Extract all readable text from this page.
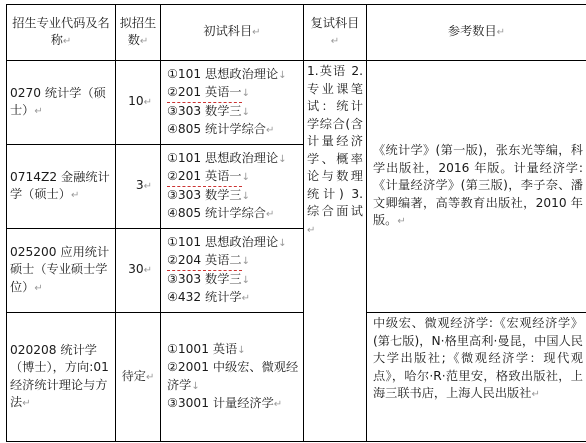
招生专业代码及名称↵	拟招生数↵	初试科目↵	复试科目↵	参考数目↵
0270 统计学（硕士）↵	10↵	①101 思想政治理论↓
②201 英语一↓
③303 数学三↓
④805 统计学综合↵	1.英语 2. 专业课笔试：统计学综合(含计量经济学、概率论与数理统计) 3. 综合面试↵	《统计学》(第一版)，张东光等编，科学出版社，2016 年版。计量经济学:《计量经济学》(第三版)，李子奈、潘文卿编著，高等教育出版社，2010 年版。↵
0714Z2 金融统计学（硕士）↵	3↵	①101 思想政治理论↓
②201 英语一↓
③303 数学三↓
④805 统计学综合↵		

025200 应用统计硕士（专业硕士学位）↵	30↵	①101 思想政治理论↓
②204 英语二↓
③303 数学三↓
④432 统计学↵		

020208 统计学（博士），方向:01 经济统计理论与方法↵	待定↵	①1001 英语↓
②2001 中级宏、微观经济学↓
③3001 计量经济学↵		中级宏、微观经济学:《宏观经济学》(第七版)，N·格里高利·曼昆，中国人民大学出版社;《微观经济学：现代观点》，哈尔·R·范里安，格致出版社，上海三联书店，上海人民出版社↵
